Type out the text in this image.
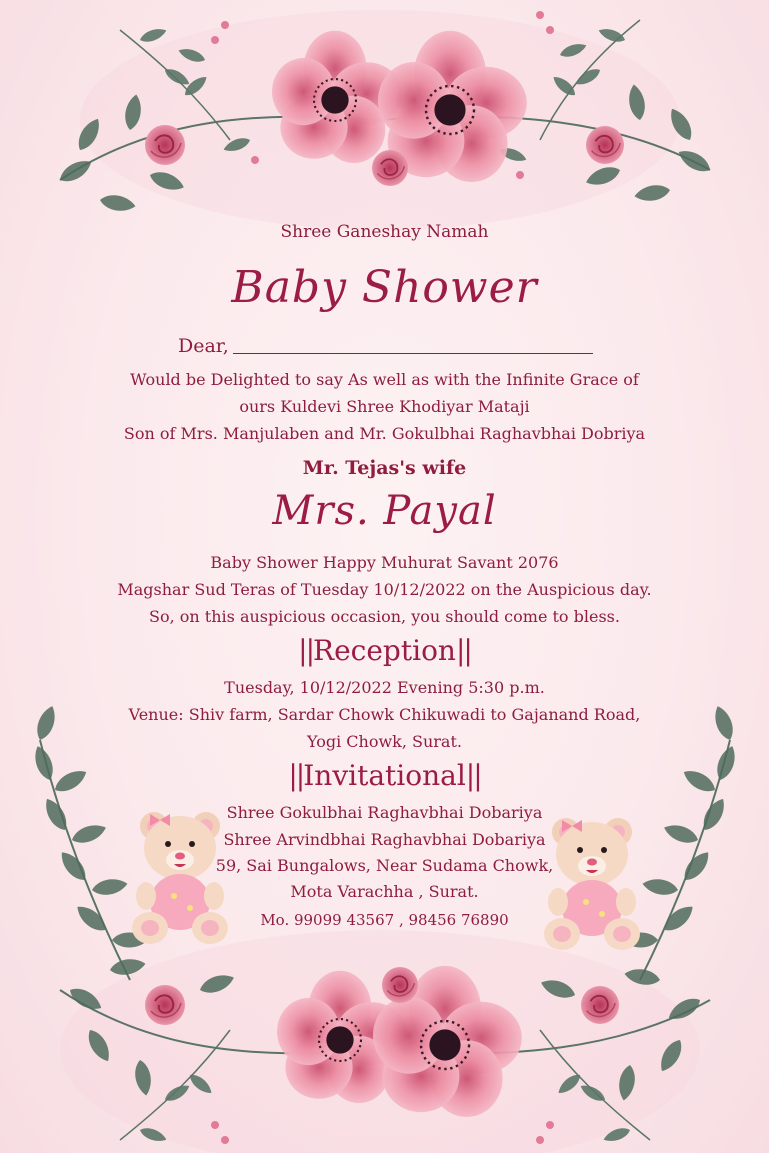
Shree Ganeshay Namah
Baby Shower
Dear,
Would be Delighted to say As well as with the Infinite Grace of
ours Kuldevi Shree Khodiyar Mataji
Son of Mrs. Manjulaben and Mr. Gokulbhai Raghavbhai Dobriya
Mr. Tejas's wife
Mrs. Payal
Baby Shower Happy Muhurat Savant 2076
Magshar Sud Teras of Tuesday 10/12/2022 on the Auspicious day.
So, on this auspicious occasion, you should come to bless.
||Reception||
Tuesday, 10/12/2022 Evening 5:30 p.m.
Venue: Shiv farm, Sardar Chowk Chikuwadi to Gajanand Road,
Yogi Chowk, Surat.
||Invitational||
Shree Gokulbhai Raghavbhai Dobariya
Shree Arvindbhai Raghavbhai Dobariya
59, Sai Bungalows, Near Sudama Chowk,
Mota Varachha , Surat.
Mo. 99099 43567 , 98456 76890
